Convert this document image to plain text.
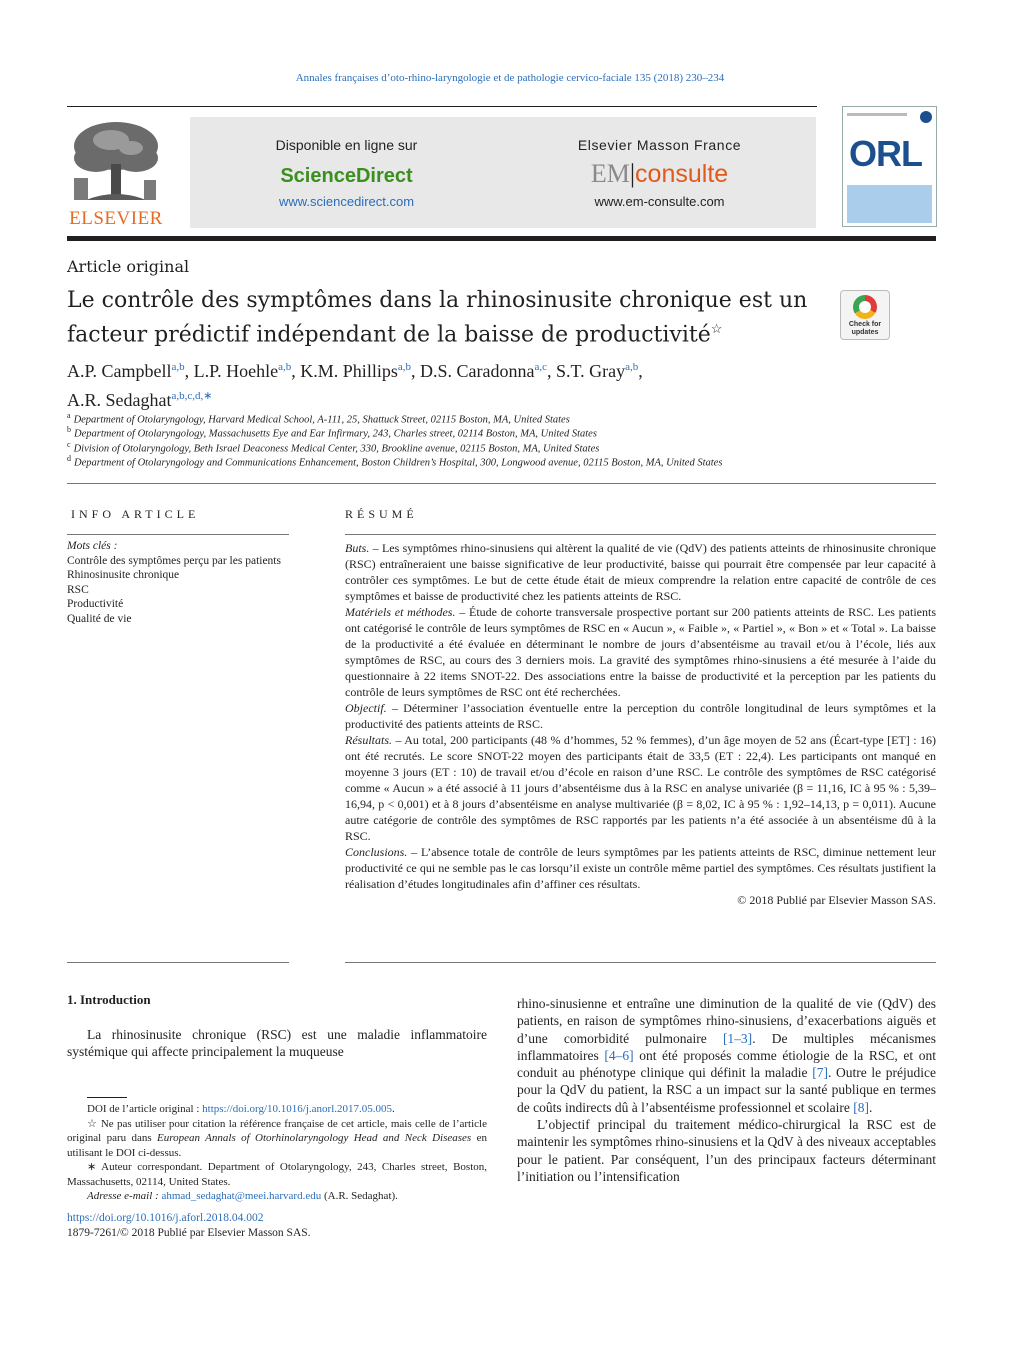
Annales françaises d’oto-rhino-laryngologie et de pathologie cervico-faciale 135 (2018) 230–234
ELSEVIER
Disponible en ligne sur
ScienceDirect
www.sciencedirect.com
Elsevier Masson France
EM|consulte
www.em-consulte.com
ORL
Article original
Le contrôle des symptômes dans la rhinosinusite chronique est un
facteur prédictif indépendant de la baisse de productivité☆	Check for
updates
A.P. Campbell$^{a,b}$, L.P. Hoehle$^{a,b}$, K.M. Phillips$^{a,b}$, D.S. Caradonna$^{a,c}$, S.T. Gray$^{a,b}$,
A.R. Sedaghat$^{a,b,c,d,∗}$
$^a$ Department of Otolaryngology, Harvard Medical School, A-111, 25, Shattuck Street, 02115 Boston, MA, United States
$^b$ Department of Otolaryngology, Massachusetts Eye and Ear Infirmary, 243, Charles street, 02114 Boston, MA, United States
$^c$ Division of Otolaryngology, Beth Israel Deaconess Medical Center, 330, Brookline avenue, 02115 Boston, MA, United States
$^d$ Department of Otolaryngology and Communications Enhancement, Boston Children’s Hospital, 300, Longwood avenue, 02115 Boston, MA, United States
INFO ARTICLE
Mots clés :
Contrôle des symptômes perçu par les patients
Rhinosinusite chronique
RSC
Productivité
Qualité de vie
RÉSUMÉ

Buts. – Les symptômes rhino-sinusiens qui altèrent la qualité de vie (QdV) des patients atteints de rhinosinusite chronique (RSC) entraîneraient une baisse significative de leur productivité, baisse qui pourrait être compensée par leur capacité à contrôler ces symptômes. Le but de cette étude était de mieux comprendre la relation entre capacité de contrôle de ces symptômes et baisse de productivité chez les patients atteints de RSC.

Matériels et méthodes. – Étude de cohorte transversale prospective portant sur 200 patients atteints de RSC. Les patients ont catégorisé le contrôle de leurs symptômes de RSC en « Aucun », « Faible », « Partiel », « Bon » et « Total ». La baisse de la productivité a été évaluée en déterminant le nombre de jours d’absentéisme au travail et/ou à l’école, liés aux symptômes de RSC, au cours des 3 derniers mois. La gravité des symptômes rhino-sinusiens a été mesurée à l’aide du questionnaire à 22 items SNOT-22. Des associations entre la baisse de productivité et la perception par les patients du contrôle de leurs symptômes de RSC ont été recherchées.

Objectif. – Déterminer l’association éventuelle entre la perception du contrôle longitudinal de leurs symptômes et la productivité des patients atteints de RSC.

Résultats. – Au total, 200 participants (48 % d’hommes, 52 % femmes), d’un âge moyen de 52 ans (Écart-type [ET] : 16) ont été recrutés. Le score SNOT-22 moyen des participants était de 33,5 (ET : 22,4). Les participants ont manqué en moyenne 3 jours (ET : 10) de travail et/ou d’école en raison d’une RSC. Le contrôle des symptômes de RSC catégorisé comme « Aucun » a été associé à 11 jours d’absentéisme dus à la RSC en analyse univariée (β = 11,16, IC à 95 % : 5,39–16,94, p < 0,001) et à 8 jours d’absentéisme en analyse multivariée (β = 8,02, IC à 95 % : 1,92–14,13, p = 0,011). Aucune autre catégorie de contrôle des symptômes de RSC rapportés par les patients n’a été associée à un absentéisme dû à la RSC.

Conclusions. – L’absence totale de contrôle de leurs symptômes par les patients atteints de RSC, diminue nettement leur productivité ce qui ne semble pas le cas lorsqu’il existe un contrôle même partiel des symptômes. Ces résultats justifient la réalisation d’études longitudinales afin d’affiner ces résultats.

© 2018 Publié par Elsevier Masson SAS.

1. Introduction

La rhinosinusite chronique (RSC) est une maladie inflammatoire systémique qui affecte principalement la muqueuse

rhino-sinusienne et entraîne une diminution de la qualité de vie (QdV) des patients, en raison de symptômes rhino-sinusiens, d’exacerbations aiguës et d’une comorbidité pulmonaire [1–3]. De multiples mécanismes inflammatoires [4–6] ont été proposés comme étiologie de la RSC, et ont conduit au phénotype clinique qui définit la maladie [7]. Outre le préjudice pour la QdV du patient, la RSC a un impact sur la santé publique en termes de coûts indirects dû à l’absentéisme professionnel et scolaire [8].

L’objectif principal du traitement médico-chirurgical la RSC est de maintenir les symptômes rhino-sinusiens et la QdV à des niveaux acceptables pour le patient. Par conséquent, l’un des principaux facteurs déterminant l’initiation ou l’intensification

DOI de l’article original : https://doi.org/10.1016/j.anorl.2017.05.005.

☆ Ne pas utiliser pour citation la référence française de cet article, mais celle de l’article original paru dans European Annals of Otorhinolaryngology Head and Neck Diseases en utilisant le DOI ci-dessus.

∗ Auteur correspondant. Department of Otolaryngology, 243, Charles street, Boston, Massachusetts, 02114, United States.

Adresse e-mail : ahmad_sedaghat@meei.harvard.edu (A.R. Sedaghat).

https://doi.org/10.1016/j.aforl.2018.04.002
1879-7261/© 2018 Publié par Elsevier Masson SAS.
